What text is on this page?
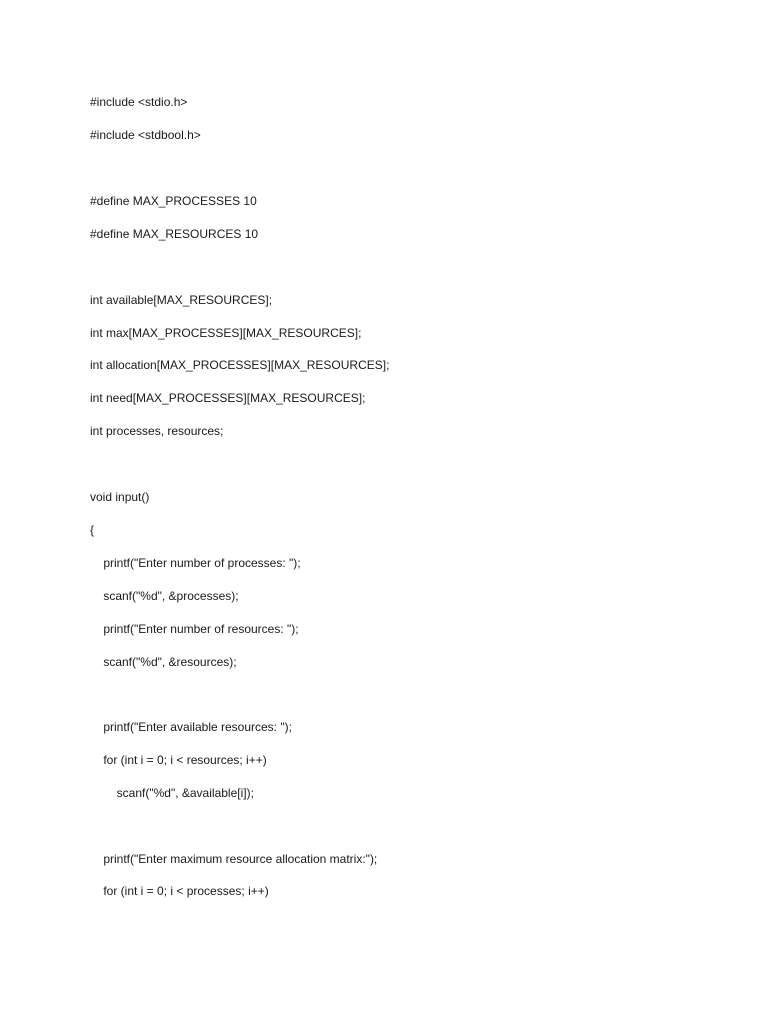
#include <stdio.h>

#include <stdbool.h>

#define MAX_PROCESSES 10

#define MAX_RESOURCES 10

int available[MAX_RESOURCES];

int max[MAX_PROCESSES][MAX_RESOURCES];

int allocation[MAX_PROCESSES][MAX_RESOURCES];

int need[MAX_PROCESSES][MAX_RESOURCES];

int processes, resources;

void input()

{

printf("Enter number of processes: ");

scanf("%d", &processes);

printf("Enter number of resources: ");

scanf("%d", &resources);

printf("Enter available resources: ");

for (int i = 0; i < resources; i++)

scanf("%d", &available[i]);

printf("Enter maximum resource allocation matrix:");

for (int i = 0; i < processes; i++)
